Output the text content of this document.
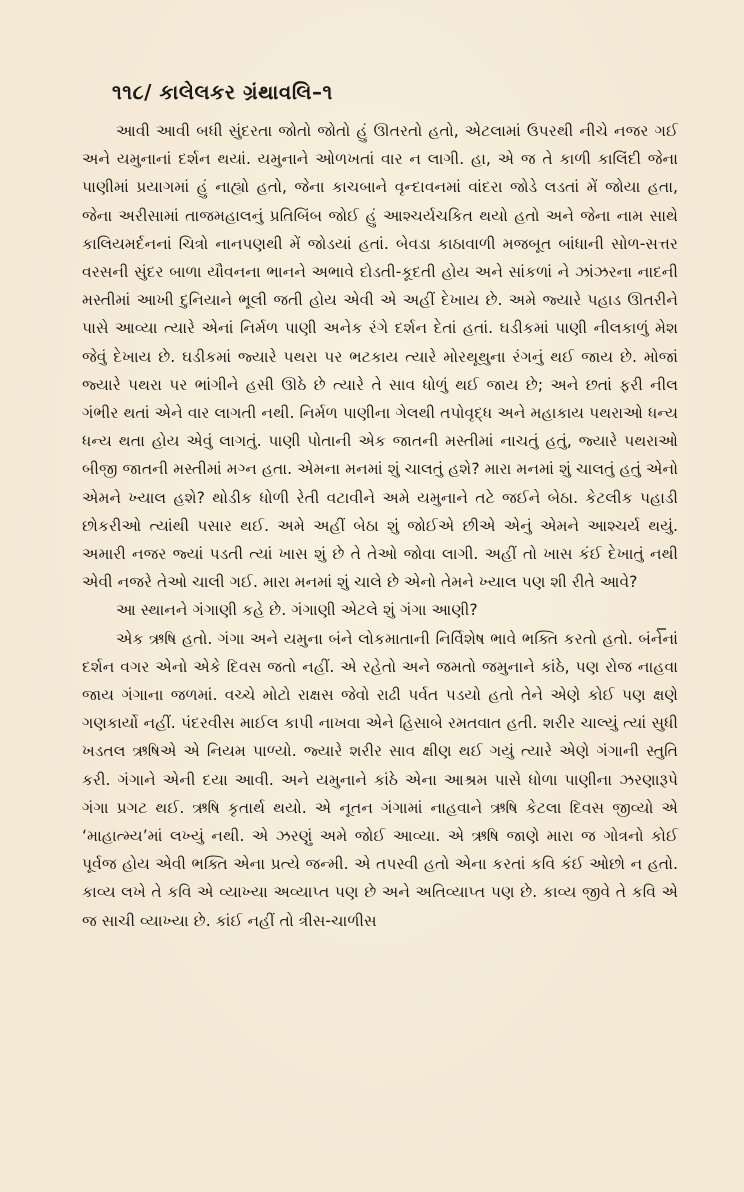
૧૧૮/ કાલેલકર ગ્રંથાવલિ–૧

આવી આવી બધી સુંદરતા જોતો જોતો હું ઊતરતો હતો, એટલામાં ઉપરથી નીચે નજર ગઈ અને યમુનાનાં દર્શન થયાં. યમુનાને ઓળખતાં વાર ન લાગી. હા, એ જ તે કાળી કાલિંદી જેના પાણીમાં પ્રયાગમાં હું નાહ્યો હતો, જેના કાચબાને વૃન્દાવનમાં વાંદરા જોડે લડતાં મેં જોયા હતા, જેના અરીસામાં તાજમહાલનું પ્રતિબિંબ જોઈ હું આશ્ચર્યચકિત થયો હતો અને જેના નામ સાથે કાલિયમર્દનનાં ચિત્રો નાનપણથી મેં જોડયાં હતાં. બેવડા કાઠાવાળી મજબૂત બાંધાની સોળ-સત્તર વરસની સુંદર બાળા યૌવનના ભાનને અભાવે દોડતી-કૂદતી હોય અને સાંકળાં ને ઝાંઝરના નાદની મસ્તીમાં આખી દુનિયાને ભૂલી જતી હોય એવી એ અહીં દેખાય છે. અમે જ્યારે પહાડ ઊતરીને પાસે આવ્યા ત્યારે એનાં નિર્મળ પાણી અનેક રંગે દર્શન દેતાં હતાં. ઘડીકમાં પાણી નીલકાળું મેશ જેવું દેખાય છે. ઘડીકમાં જ્યારે પથરા પર ભટકાય ત્યારે મોરથૂથુના રંગનું થઈ જાય છે. મોજાં જ્યારે પથરા પર ભાંગીને હસી ઊઠે છે ત્યારે તે સાવ ધોળું થઈ જાય છે; અને છતાં ફરી નીલ ગંભીર થતાં એને વાર લાગતી નથી. નિર્મળ પાણીના ગેલથી તપોવૃદ્ધ અને મહાકાય પથરાઓ ધન્ય ધન્ય થતા હોય એવું લાગતું. પાણી પોતાની એક જાતની મસ્તીમાં નાચતું હતું, જ્યારે પથરાઓ બીજી જાતની મસ્તીમાં મગ્ન હતા. એમના મનમાં શું ચાલતું હશે? મારા મનમાં શું ચાલતું હતું એનો એમને ખ્યાલ હશે? થોડીક ધોળી રેતી વટાવીને અમે યમુનાને તટે જઈને બેઠા. કેટલીક પહાડી છોકરીઓ ત્યાંથી પસાર થઈ. અમે અહીં બેઠા શું જોઈએ છીએ એનું એમને આશ્ચર્ય થયું. અમારી નજર જ્યાં પડતી ત્યાં ખાસ શું છે તે તેઓ જોવા લાગી. અહીં તો ખાસ કંઈ દેખાતું નથી એવી નજરે તેઓ ચાલી ગઈ. મારા મનમાં શું ચાલે છે એનો તેમને ખ્યાલ પણ શી રીતે આવે?

આ સ્થાનને ગંગાણી કહે છે. ગંગાણી એટલે શું ગંગા આણી?

એક ઋષિ હતો. ગંગા અને યમુના બંને લોકમાતાની નિર્વિશેષ ભાવે ભક્તિ કરતો હતો. બંનેનાં દર્શન વગર એનો એકે દિવસ જતો નહીં. એ રહેતો અને જમતો જમુનાને કાંઠે, પણ રોજ નાહવા જાય ગંગાના જળમાં. વચ્ચે મોટો રાક્ષસ જેવો રાઢી પર્વત પડયો હતો તેને એણે કોઈ પણ ક્ષણે ગણકાર્યો નહીં. પંદરવીસ માઈલ કાપી નાખવા એને હિસાબે રમતવાત હતી. શરીર ચાલ્યું ત્યાં સુધી ખડતલ ઋષિએ એ નિયમ પાળ્યો. જ્યારે શરીર સાવ ક્ષીણ થઈ ગયું ત્યારે એણે ગંગાની સ્તુતિ કરી. ગંગાને એની દયા આવી. અને યમુનાને કાંઠે એના આશ્રમ પાસે ધોળા પાણીના ઝરણારૂપે ગંગા પ્રગટ થઈ. ઋષિ કૃતાર્થ થયો. એ નૂતન ગંગામાં નાહવાને ઋષિ કેટલા દિવસ જીવ્યો એ ‘માહાત્મ્ય’માં લખ્યું નથી. એ ઝરણું અમે જોઈ આવ્યા. એ ઋષિ જાણે મારા જ ગોત્રનો કોઈ પૂર્વજ હોય એવી ભક્તિ એના પ્રત્યે જન્મી. એ તપસ્વી હતો એના કરતાં કવિ કંઈ ઓછો ન હતો. કાવ્ય લખે તે કવિ એ વ્યાખ્યા અવ્યાપ્ત પણ છે અને અતિવ્યાપ્ત પણ છે. કાવ્ય જીવે તે કવિ એ જ સાચી વ્યાખ્યા છે. કાંઈ નહીં તો ત્રીસ-ચાળીસ
